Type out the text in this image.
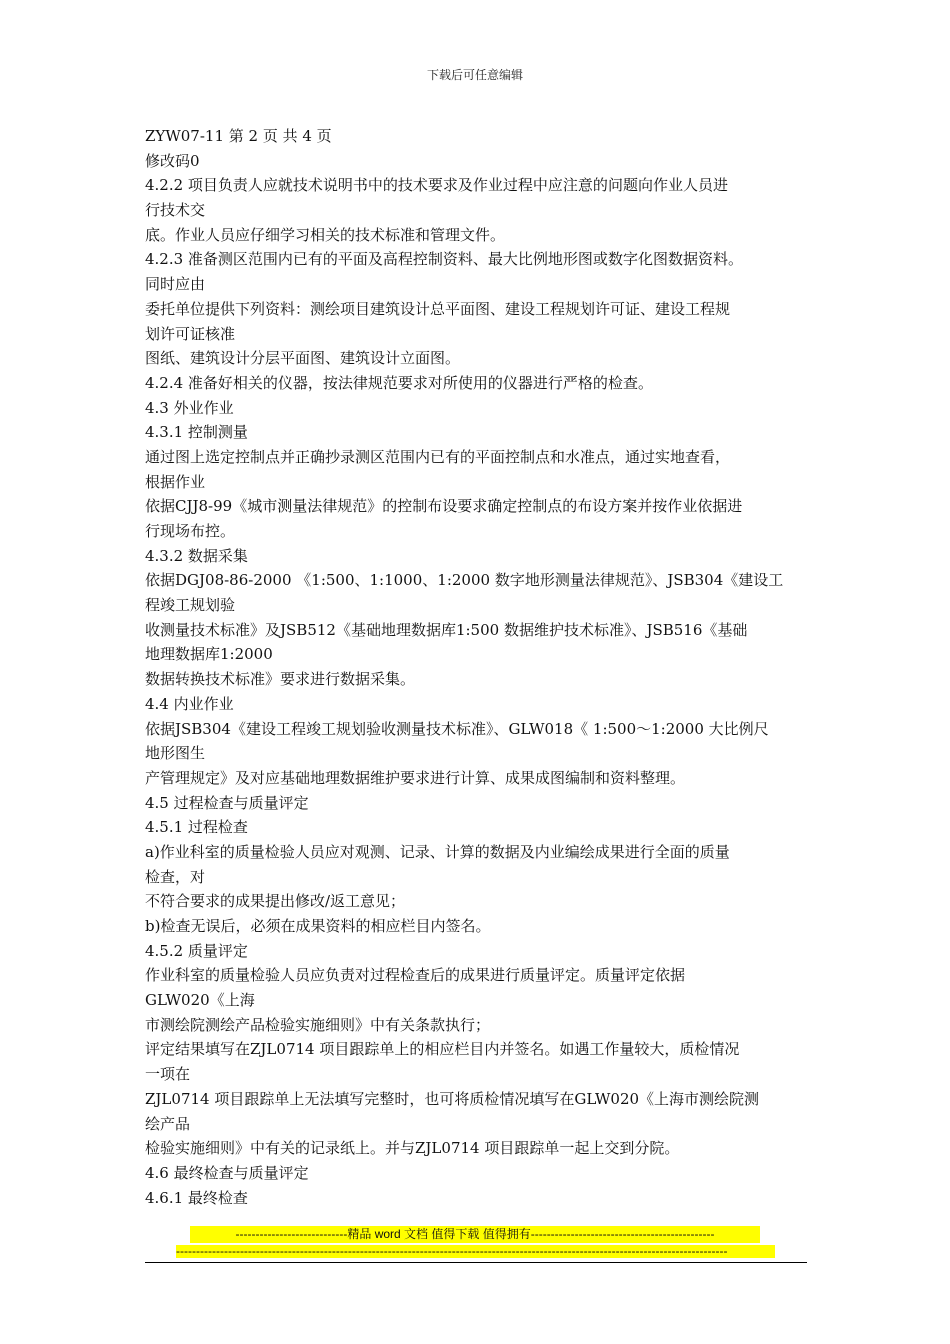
下载后可任意编辑
ZYW07-11 第 2 页 共 4 页
修改码0
4.2.2 项目负责人应就技术说明书中的技术要求及作业过程中应注意的问题向作业人员进
行技术交
底。作业人员应仔细学习相关的技术标准和管理文件。
4.2.3 准备测区范围内已有的平面及高程控制资料、最大比例地形图或数字化图数据资料。
同时应由
委托单位提供下列资料：测绘项目建筑设计总平面图、建设工程规划许可证、建设工程规
划许可证核准
图纸、建筑设计分层平面图、建筑设计立面图。
4.2.4 准备好相关的仪器，按法律规范要求对所使用的仪器进行严格的检查。
4.3 外业作业
4.3.1 控制测量
通过图上选定控制点并正确抄录测区范围内已有的平面控制点和水准点，通过实地查看，
根据作业
依据CJJ8-99《城市测量法律规范》的控制布设要求确定控制点的布设方案并按作业依据进
行现场布控。
4.3.2 数据采集
依据DGJ08-86-2000 《1:500、1:1000、1:2000 数字地形测量法律规范》、JSB304《建设工
程竣工规划验
收测量技术标准》及JSB512《基础地理数据库1:500 数据维护技术标准》、JSB516《基础
地理数据库1:2000
数据转换技术标准》要求进行数据采集。
4.4 内业作业
依据JSB304《建设工程竣工规划验收测量技术标准》、GLW018《 1:500～1:2000 大比例尺
地形图生
产管理规定》及对应基础地理数据维护要求进行计算、成果成图编制和资料整理。
4.5 过程检查与质量评定
4.5.1 过程检查
a)作业科室的质量检验人员应对观测、记录、计算的数据及内业编绘成果进行全面的质量
检查，对
不符合要求的成果提出修改/返工意见；
b)检查无误后，必须在成果资料的相应栏目内签名。
4.5.2 质量评定
作业科室的质量检验人员应负责对过程检查后的成果进行质量评定。质量评定依据
GLW020《上海
市测绘院测绘产品检验实施细则》中有关条款执行；
评定结果填写在ZJL0714 项目跟踪单上的相应栏目内并签名。如遇工作量较大，质检情况
一项在
ZJL0714 项目跟踪单上无法填写完整时，也可将质检情况填写在GLW020《上海市测绘院测
绘产品
检验实施细则》中有关的记录纸上。并与ZJL0714 项目跟踪单一起上交到分院。
4.6 最终检查与质量评定
4.6.1 最终检查
----------------------------精品 word 文档 值得下载 值得拥有----------------------------------------------
------------------------------------------------------------------------------------------------------------------------------------------
